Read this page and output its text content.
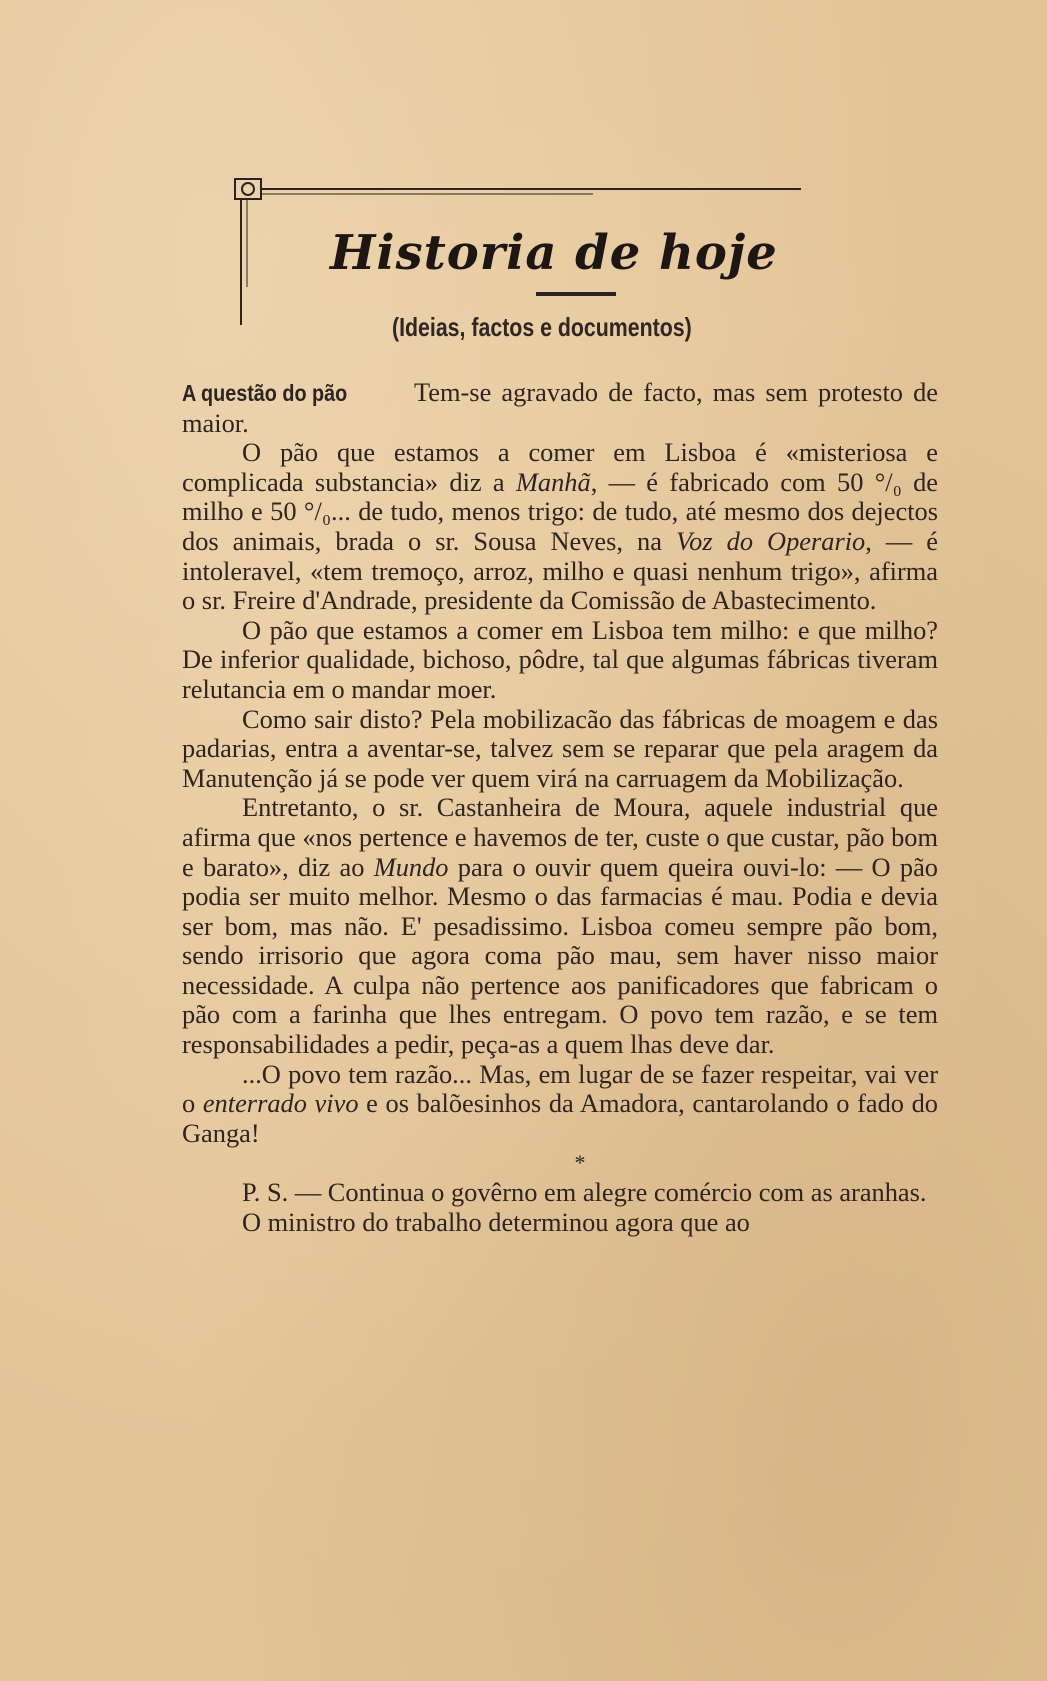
Historia de hoje
(Ideias, factos e documentos)

A questão do pão	Tem-se agravado de facto, mas sem protesto de maior.

O pão que estamos a comer em Lisboa é «misteriosa e complicada substancia» diz a Manhã, — é fabricado com 50 °/₀ de milho e 50 °/₀... de tudo, menos trigo: de tudo, até mesmo dos dejectos dos animais, brada o sr. Sousa Neves, na Voz do Operario, — é intoleravel, «tem tremoço, arroz, milho e quasi nenhum trigo», afirma o sr. Freire d'Andrade, presidente da Comissão de Abastecimento.

O pão que estamos a comer em Lisboa tem milho: e que milho? De inferior qualidade, bichoso, pôdre, tal que algumas fábricas tiveram relutancia em o mandar moer.

Como sair disto? Pela mobilizacão das fábricas de moagem e das padarias, entra a aventar-se, talvez sem se reparar que pela aragem da Manutenção já se pode ver quem virá na carruagem da Mobilização.

Entretanto, o sr. Castanheira de Moura, aquele industrial que afirma que «nos pertence e havemos de ter, custe o que custar, pão bom e barato», diz ao Mundo para o ouvir quem queira ouvi-lo: — O pão podia ser muito melhor. Mesmo o das farmacias é mau. Podia e devia ser bom, mas não. E' pesadissimo. Lisboa comeu sempre pão bom, sendo irrisorio que agora coma pão mau, sem haver nisso maior necessidade. A culpa não pertence aos panificadores que fabricam o pão com a farinha que lhes entregam. O povo tem razão, e se tem responsabilidades a pedir, peça-as a quem lhas deve dar.

...O povo tem razão... Mas, em lugar de se fazer respeitar, vai ver o enterrado vivo e os balõesinhos da Amadora, cantarolando o fado do Ganga!

*

P. S. — Continua o govêrno em alegre comércio com as aranhas.

O ministro do trabalho determinou agora que ao
